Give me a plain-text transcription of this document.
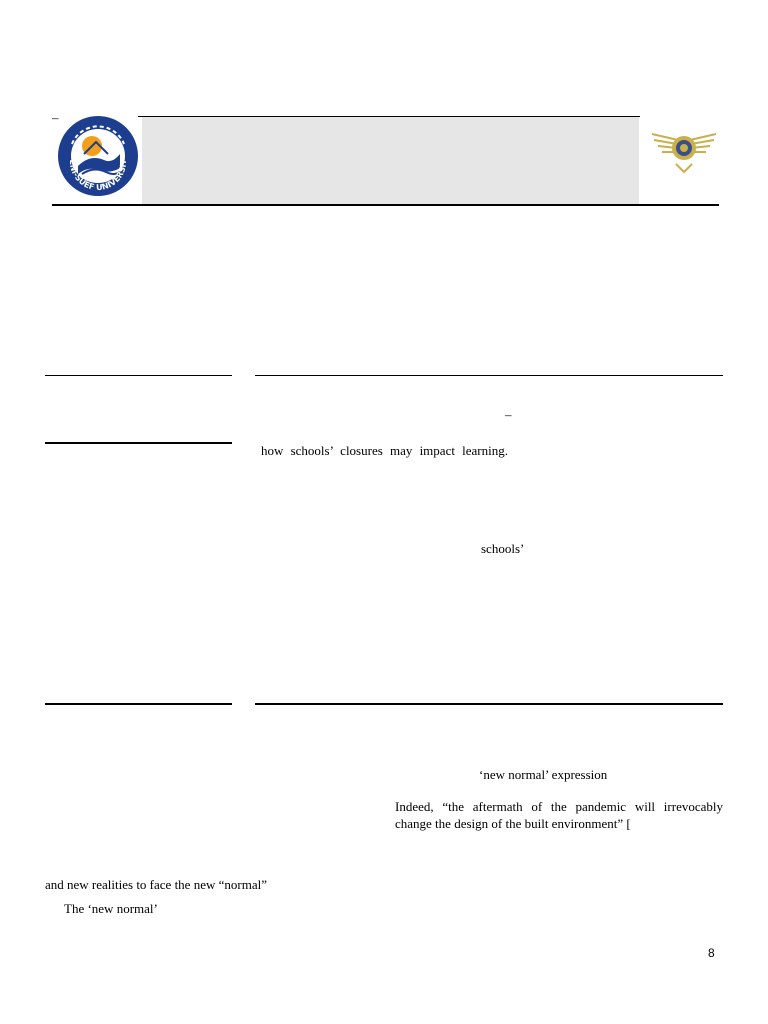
–
ENI-SUEF UNIVERSIT
–
how schools’ closures may impact learning.
schools’
‘new normal’ expression
Indeed, “the aftermath of the pandemic will irrevocably
change the design of the built environment” [
and new realities to face the new “normal”
The ‘new normal’
8
